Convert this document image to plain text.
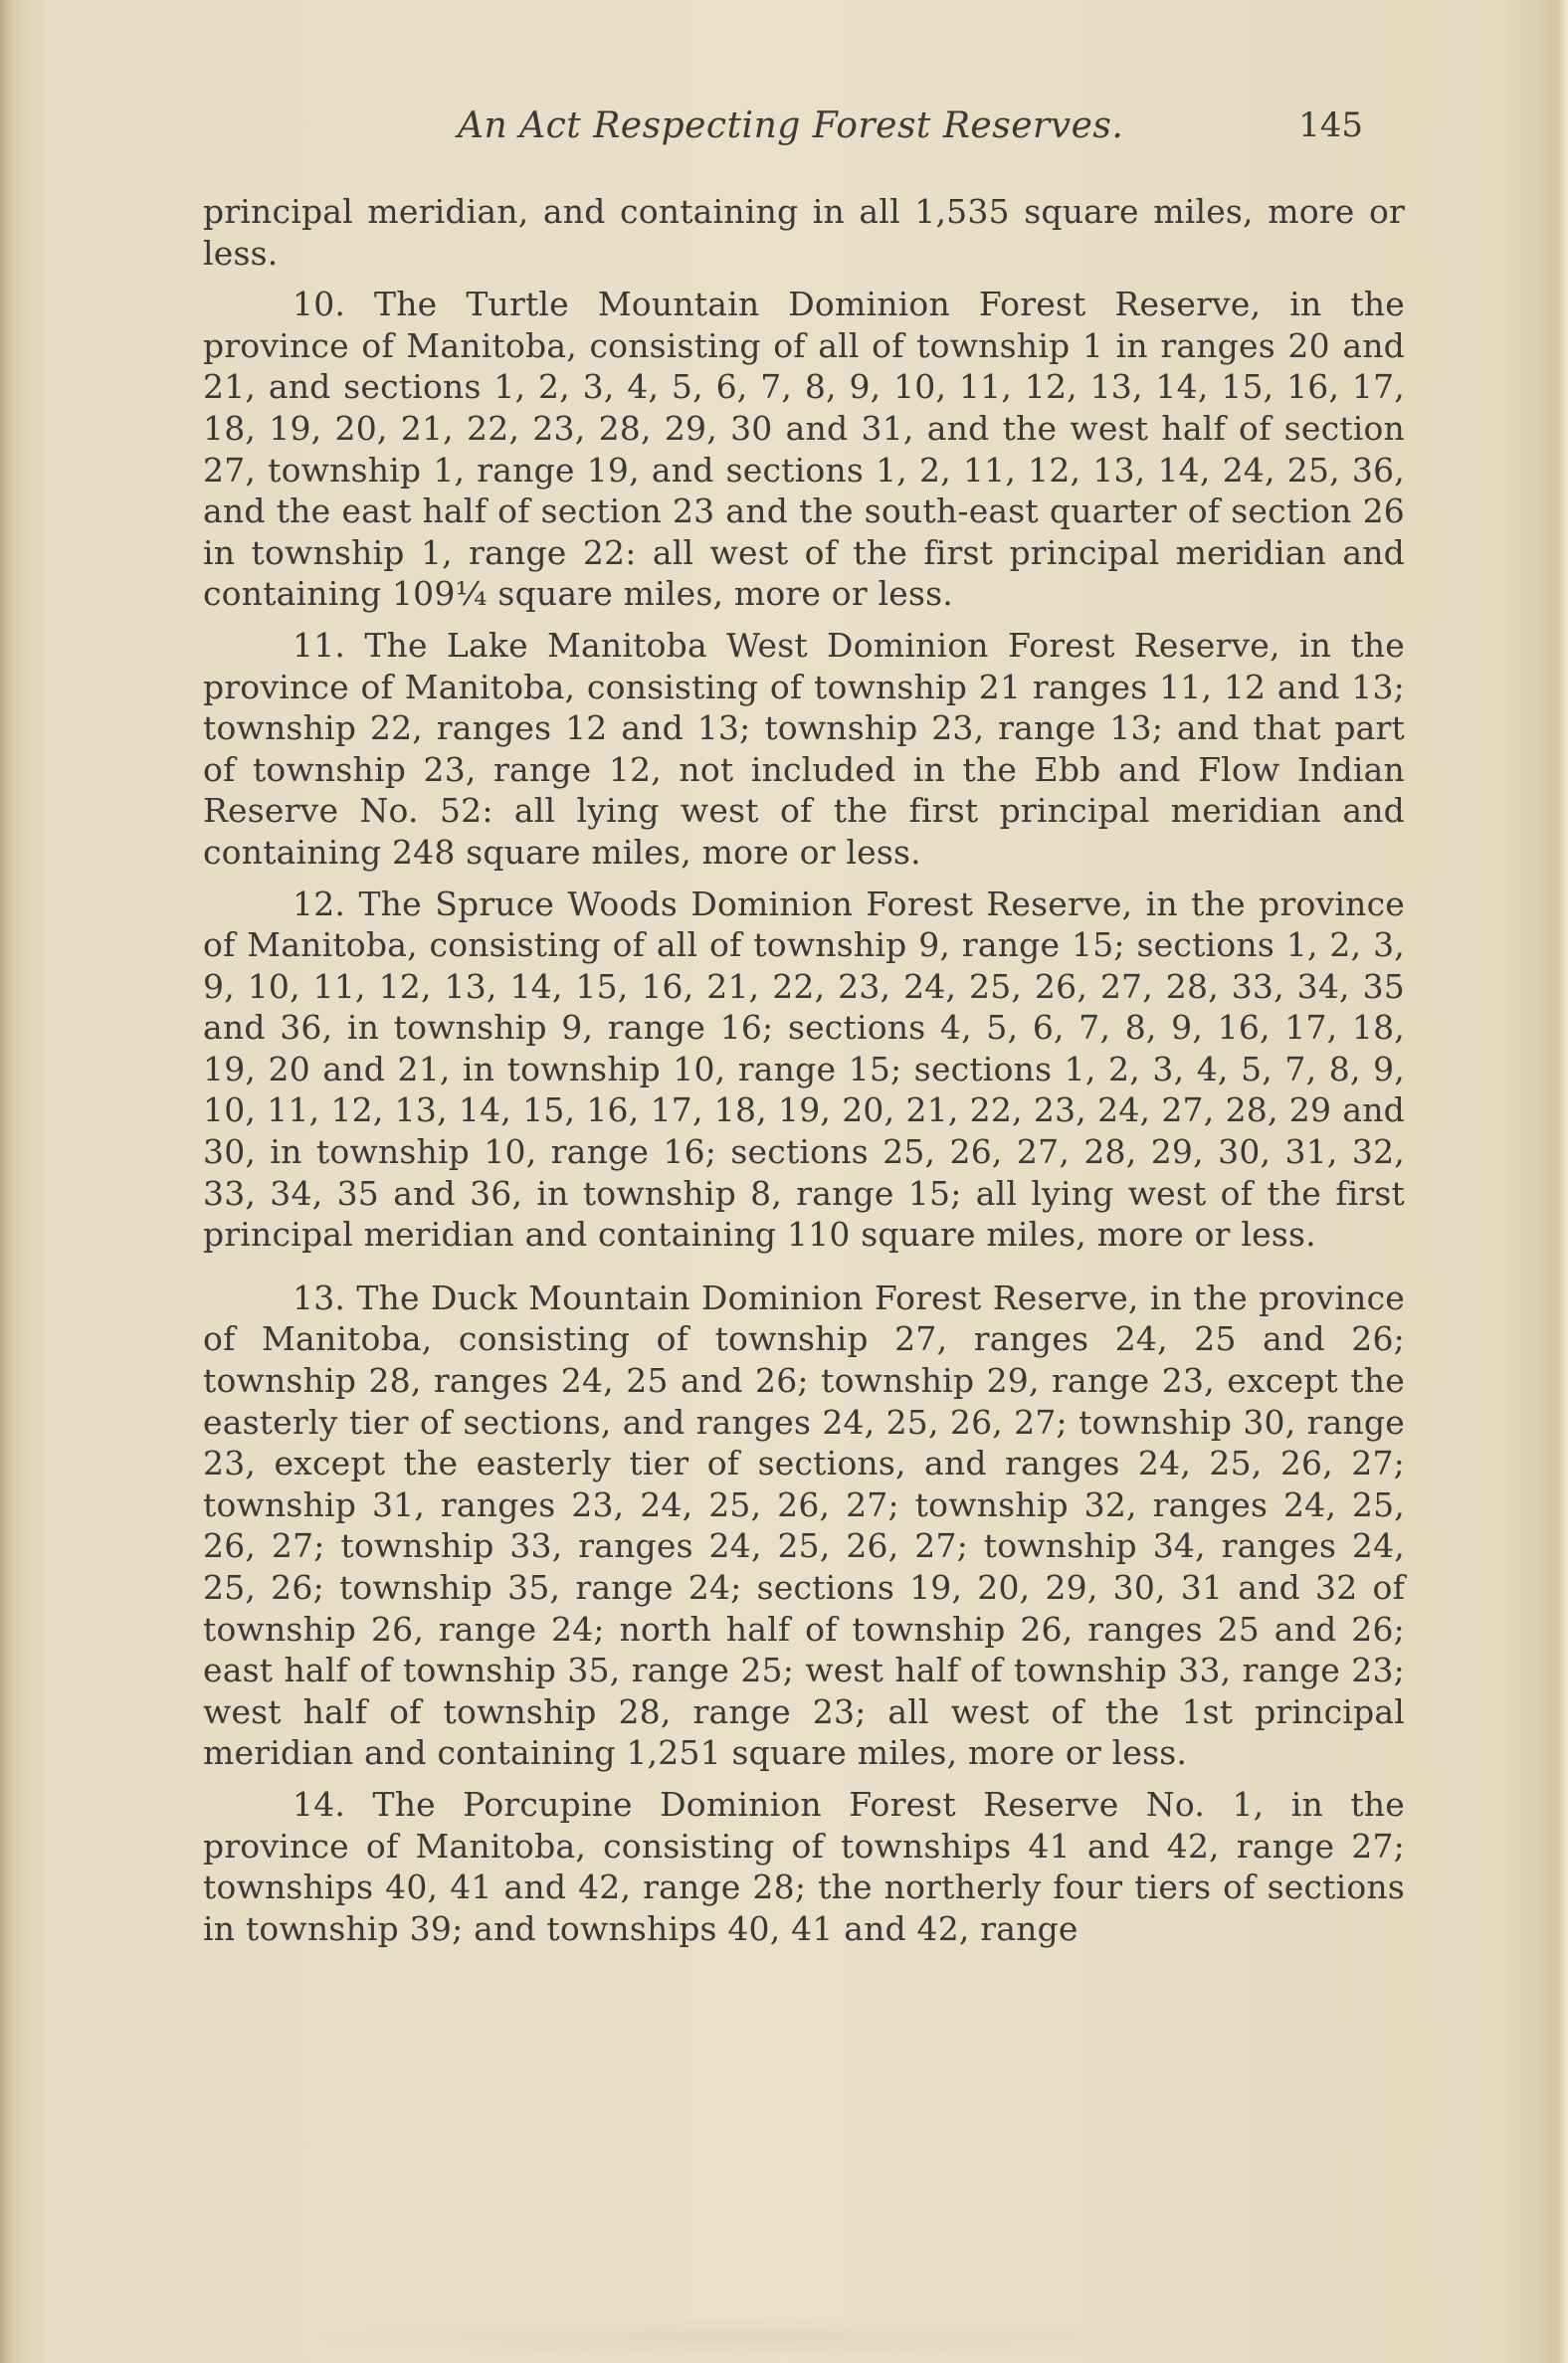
An Act Respecting Forest Reserves.	145

principal meridian, and containing in all 1,535 square miles, more or less.

10. The Turtle Mountain Dominion Forest Reserve, in the province of Manitoba, consisting of all of township 1 in ranges 20 and 21, and sections 1, 2, 3, 4, 5, 6, 7, 8, 9, 10, 11, 12, 13, 14, 15, 16, 17, 18, 19, 20, 21, 22, 23, 28, 29, 30 and 31, and the west half of section 27, township 1, range 19, and sections 1, 2, 11, 12, 13, 14, 24, 25, 36, and the east half of section 23 and the south-east quarter of section 26 in township 1, range 22: all west of the first principal meridian and containing 109¼ square miles, more or less.

11. The Lake Manitoba West Dominion Forest Reserve, in the province of Manitoba, consisting of township 21 ranges 11, 12 and 13; township 22, ranges 12 and 13; township 23, range 13; and that part of township 23, range 12, not included in the Ebb and Flow Indian Reserve No. 52: all lying west of the first principal meridian and containing 248 square miles, more or less.

12. The Spruce Woods Dominion Forest Reserve, in the province of Manitoba, consisting of all of township 9, range 15; sections 1, 2, 3, 9, 10, 11, 12, 13, 14, 15, 16, 21, 22, 23, 24, 25, 26, 27, 28, 33, 34, 35 and 36, in township 9, range 16; sections 4, 5, 6, 7, 8, 9, 16, 17, 18, 19, 20 and 21, in township 10, range 15; sections 1, 2, 3, 4, 5, 7, 8, 9, 10, 11, 12, 13, 14, 15, 16, 17, 18, 19, 20, 21, 22, 23, 24, 27, 28, 29 and 30, in township 10, range 16; sections 25, 26, 27, 28, 29, 30, 31, 32, 33, 34, 35 and 36, in township 8, range 15; all lying west of the first principal meridian and containing 110 square miles, more or less.

13. The Duck Mountain Dominion Forest Reserve, in the province of Manitoba, consisting of township 27, ranges 24, 25 and 26; township 28, ranges 24, 25 and 26; township 29, range 23, except the easterly tier of sections, and ranges 24, 25, 26, 27; township 30, range 23, except the easterly tier of sections, and ranges 24, 25, 26, 27; township 31, ranges 23, 24, 25, 26, 27; township 32, ranges 24, 25, 26, 27; township 33, ranges 24, 25, 26, 27; township 34, ranges 24, 25, 26; township 35, range 24; sections 19, 20, 29, 30, 31 and 32 of township 26, range 24; north half of township 26, ranges 25 and 26; east half of township 35, range 25; west half of township 33, range 23; west half of township 28, range 23; all west of the 1st principal meridian and containing 1,251 square miles, more or less.

14. The Porcupine Dominion Forest Reserve No. 1, in the province of Manitoba, consisting of townships 41 and 42, range 27; townships 40, 41 and 42, range 28; the northerly four tiers of sections in township 39; and townships 40, 41 and 42, range
